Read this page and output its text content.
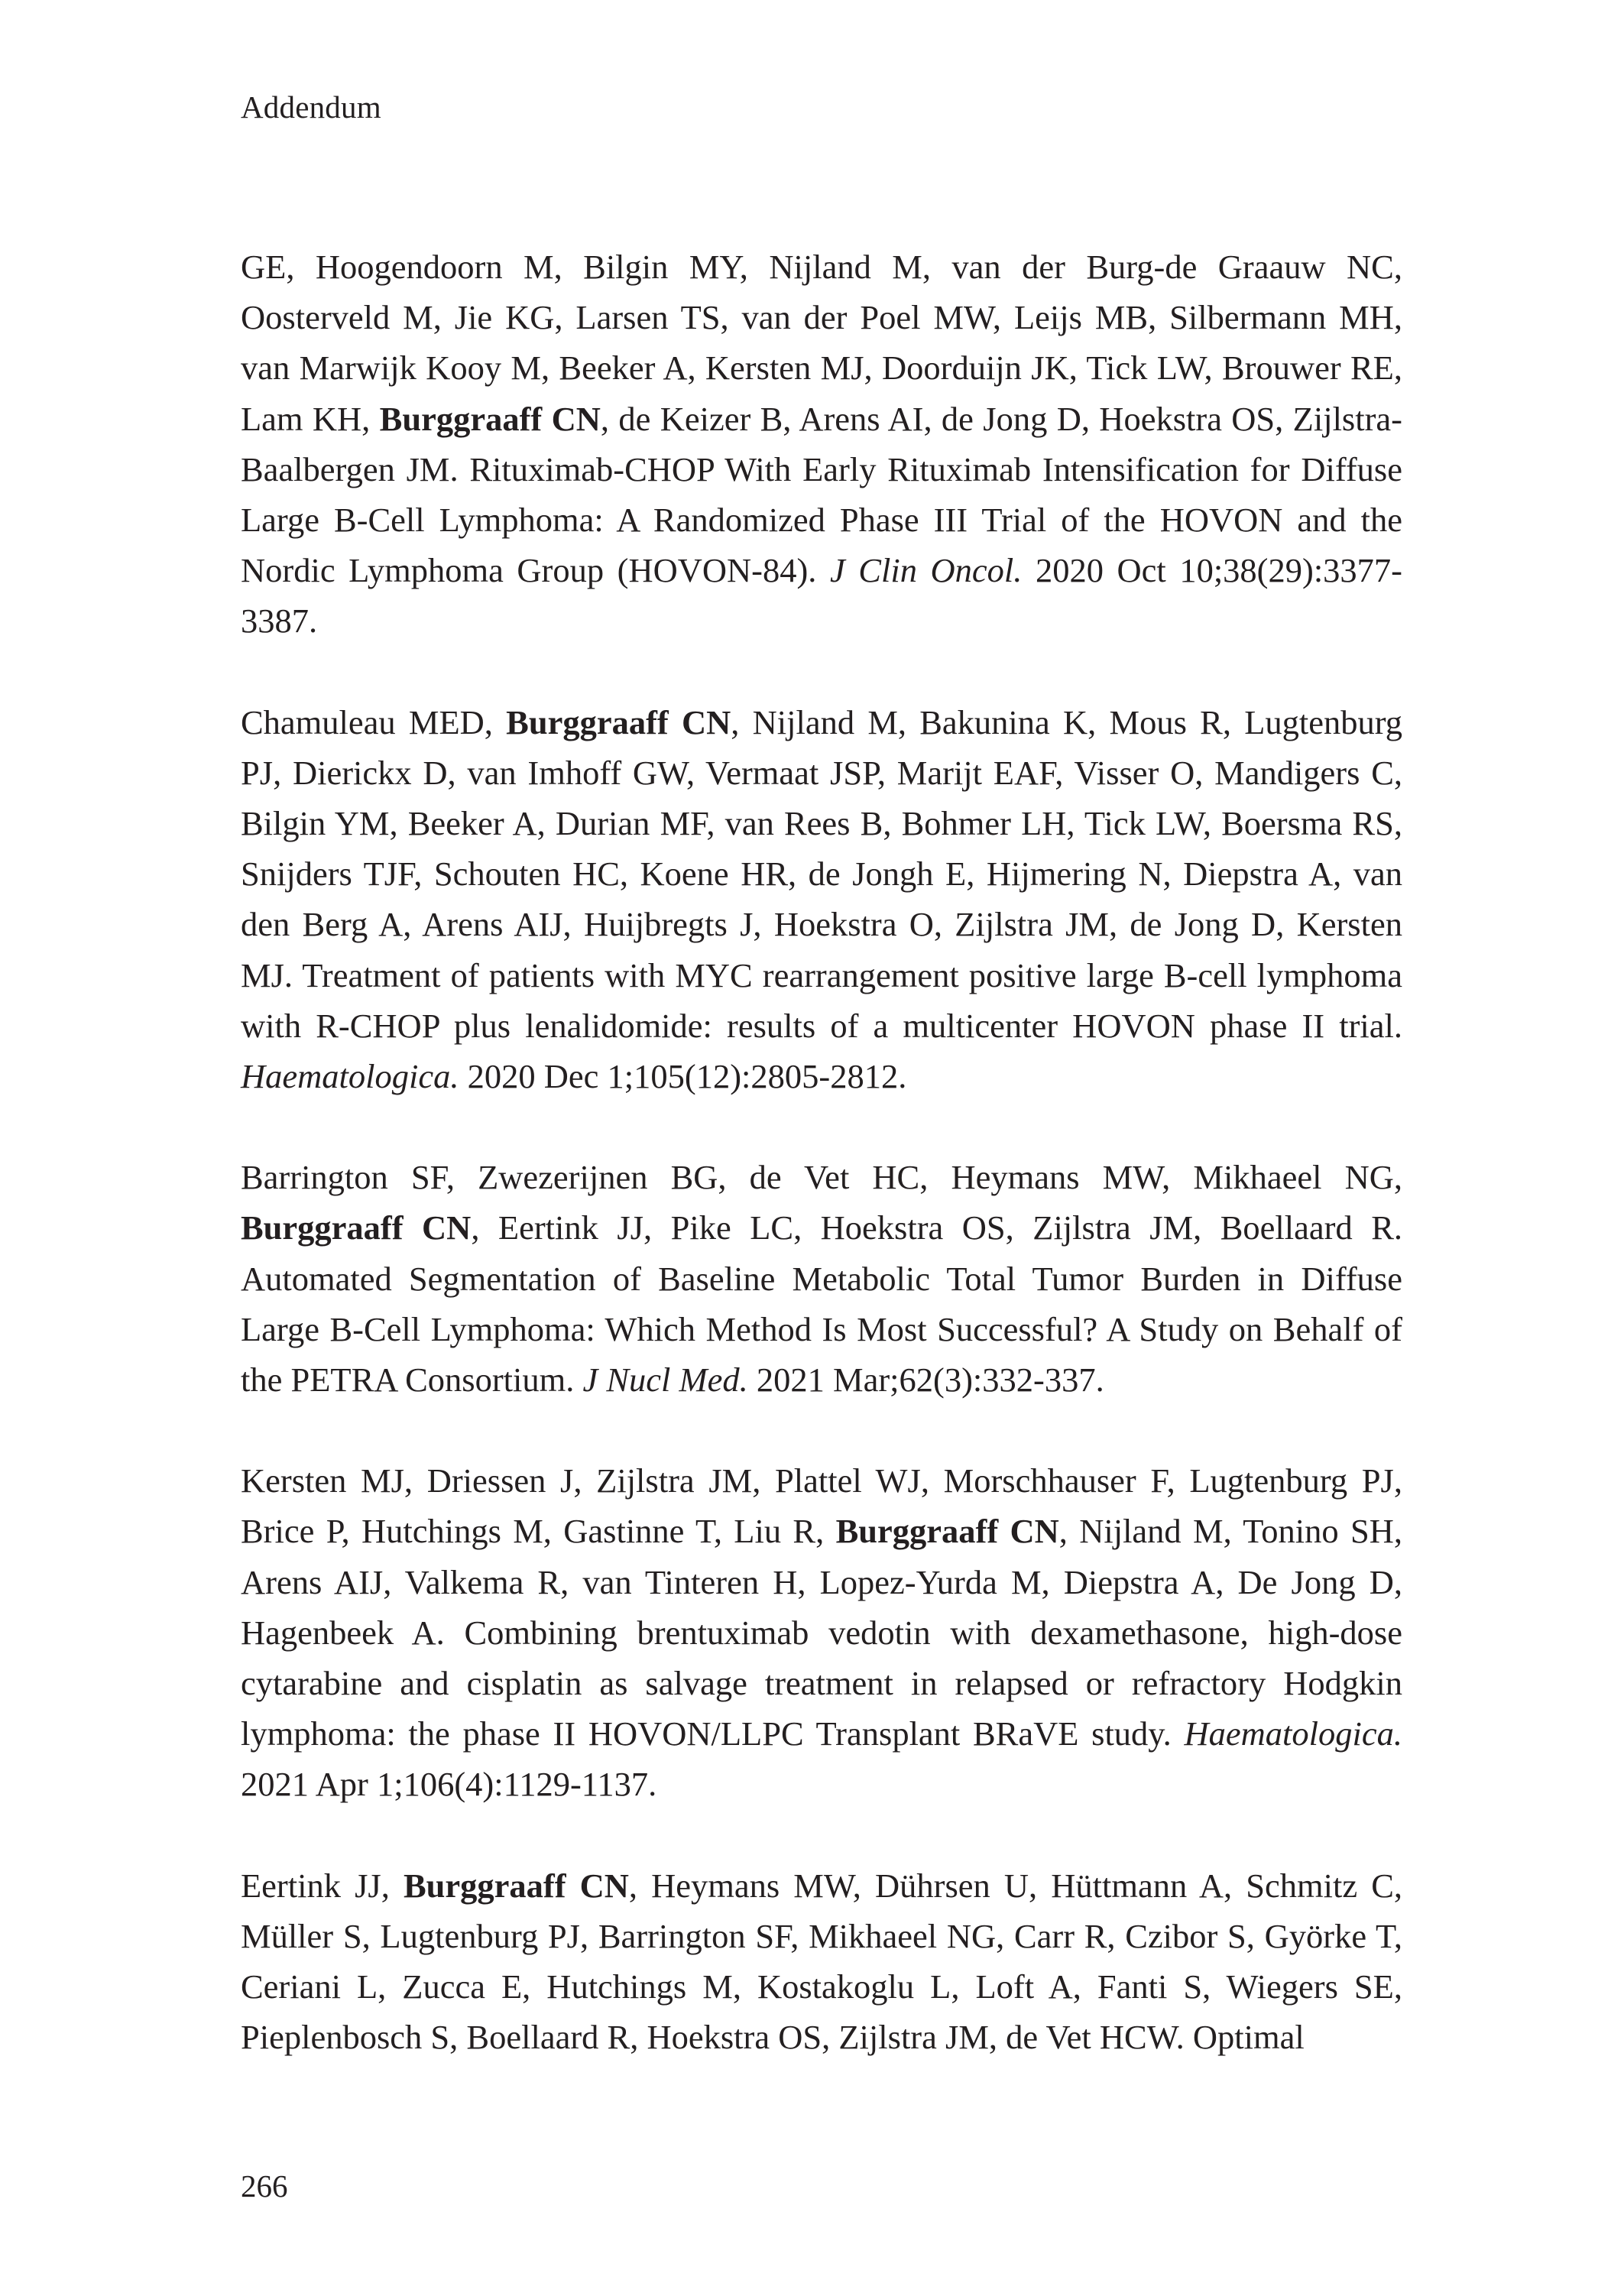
Addendum

GE, Hoogendoorn M, Bilgin MY, Nijland M, van der Burg-de Graauw NC, Oosterveld M, Jie KG, Larsen TS, van der Poel MW, Leijs MB, Silbermann MH, van Marwijk Kooy M, Beeker A, Kersten MJ, Doorduijn JK, Tick LW, Brouwer RE, Lam KH, Burggraaff CN, de Keizer B, Arens AI, de Jong D, Hoekstra OS, Zijlstra-Baalbergen JM. Rituximab-CHOP With Early Rituximab Intensification for Diffuse Large B-Cell Lymphoma: A Randomized Phase III Trial of the HOVON and the Nordic Lymphoma Group (HOVON-84). J Clin Oncol. 2020 Oct 10;38(29):3377-3387.

Chamuleau MED, Burggraaff CN, Nijland M, Bakunina K, Mous R, Lugtenburg PJ, Dierickx D, van Imhoff GW, Vermaat JSP, Marijt EAF, Visser O, Mandigers C, Bilgin YM, Beeker A, Durian MF, van Rees B, Bohmer LH, Tick LW, Boersma RS, Snijders TJF, Schouten HC, Koene HR, de Jongh E, Hijmering N, Diepstra A, van den Berg A, Arens AIJ, Huijbregts J, Hoekstra O, Zijlstra JM, de Jong D, Kersten MJ. Treatment of patients with MYC rearrangement positive large B-cell lymphoma with R-CHOP plus lenalidomide: results of a multicenter HOVON phase II trial. Haematologica. 2020 Dec 1;105(12):2805-2812.

Barrington SF, Zwezerijnen BG, de Vet HC, Heymans MW, Mikhaeel NG, Burggraaff CN, Eertink JJ, Pike LC, Hoekstra OS, Zijlstra JM, Boellaard R. Automated Segmentation of Baseline Metabolic Total Tumor Burden in Diffuse Large B-Cell Lymphoma: Which Method Is Most Successful? A Study on Behalf of the PETRA Consortium. J Nucl Med. 2021 Mar;62(3):332-337.

Kersten MJ, Driessen J, Zijlstra JM, Plattel WJ, Morschhauser F, Lugtenburg PJ, Brice P, Hutchings M, Gastinne T, Liu R, Burggraaff CN, Nijland M, Tonino SH, Arens AIJ, Valkema R, van Tinteren H, Lopez-Yurda M, Diepstra A, De Jong D, Hagenbeek A. Combining brentuximab vedotin with dexamethasone, high-dose cytarabine and cisplatin as salvage treatment in relapsed or refractory Hodgkin lymphoma: the phase II HOVON/LLPC Transplant BRaVE study. Haematologica. 2021 Apr 1;106(4):1129-1137.

Eertink JJ, Burggraaff CN, Heymans MW, Dührsen U, Hüttmann A, Schmitz C, Müller S, Lugtenburg PJ, Barrington SF, Mikhaeel NG, Carr R, Czibor S, Györke T, Ceriani L, Zucca E, Hutchings M, Kostakoglu L, Loft A, Fanti S, Wiegers SE, Pieplenbosch S, Boellaard R, Hoekstra OS, Zijlstra JM, de Vet HCW. Optimal

266
